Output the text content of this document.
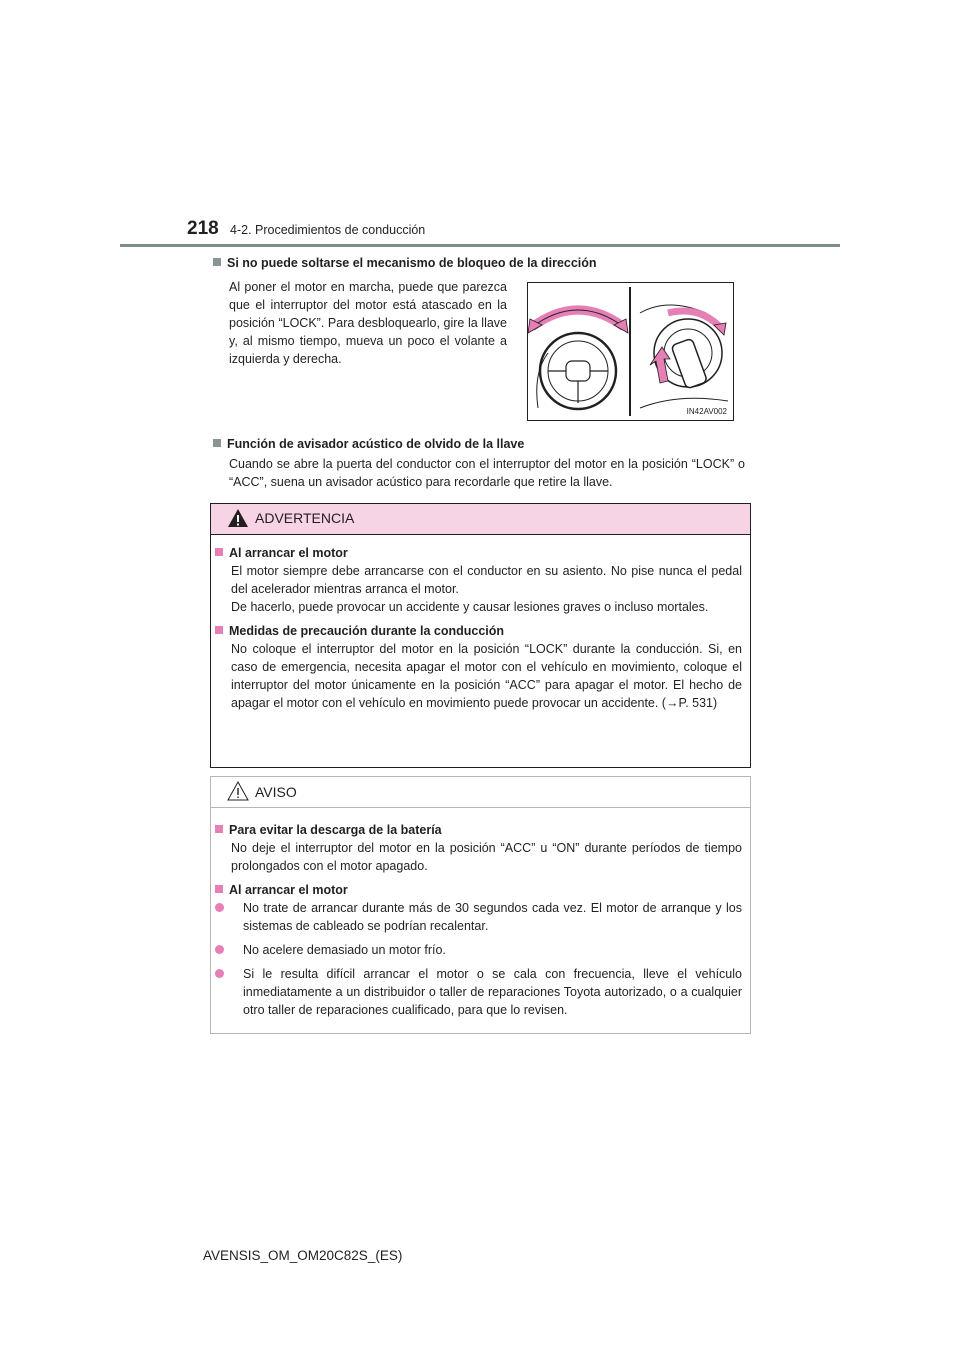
218 4-2. Procedimientos de conducción
Si no puede soltarse el mecanismo de bloqueo de la dirección
Al poner el motor en marcha, puede que parezca que el interruptor del motor está atascado en la posición “LOCK”. Para desbloquearlo, gire la llave y, al mismo tiempo, mueva un poco el volante a izquierda y derecha.
IN42AV002
Función de avisador acústico de olvido de la llave
Cuando se abre la puerta del conductor con el interruptor del motor en la posición “LOCK” o “ACC”, suena un avisador acústico para recordarle que retire la llave.
ADVERTENCIA
Al arrancar el motor
El motor siempre debe arrancarse con el conductor en su asiento. No pise nunca el pedal del acelerador mientras arranca el motor.
De hacerlo, puede provocar un accidente y causar lesiones graves o incluso mortales.
Medidas de precaución durante la conducción
No coloque el interruptor del motor en la posición “LOCK” durante la conducción. Si, en caso de emergencia, necesita apagar el motor con el vehículo en movimiento, coloque el interruptor del motor únicamente en la posición “ACC” para apagar el motor. El hecho de apagar el motor con el vehículo en movimiento puede provocar un accidente. (→P. 531)
AVISO
Para evitar la descarga de la batería
No deje el interruptor del motor en la posición “ACC” u “ON” durante períodos de tiempo prolongados con el motor apagado.
Al arrancar el motor
No trate de arrancar durante más de 30 segundos cada vez. El motor de arranque y los sistemas de cableado se podrían recalentar.
No acelere demasiado un motor frío.
Si le resulta difícil arrancar el motor o se cala con frecuencia, lleve el vehículo inmediatamente a un distribuidor o taller de reparaciones Toyota autorizado, o a cualquier otro taller de reparaciones cualificado, para que lo revisen.
AVENSIS_OM_OM20C82S_(ES)
